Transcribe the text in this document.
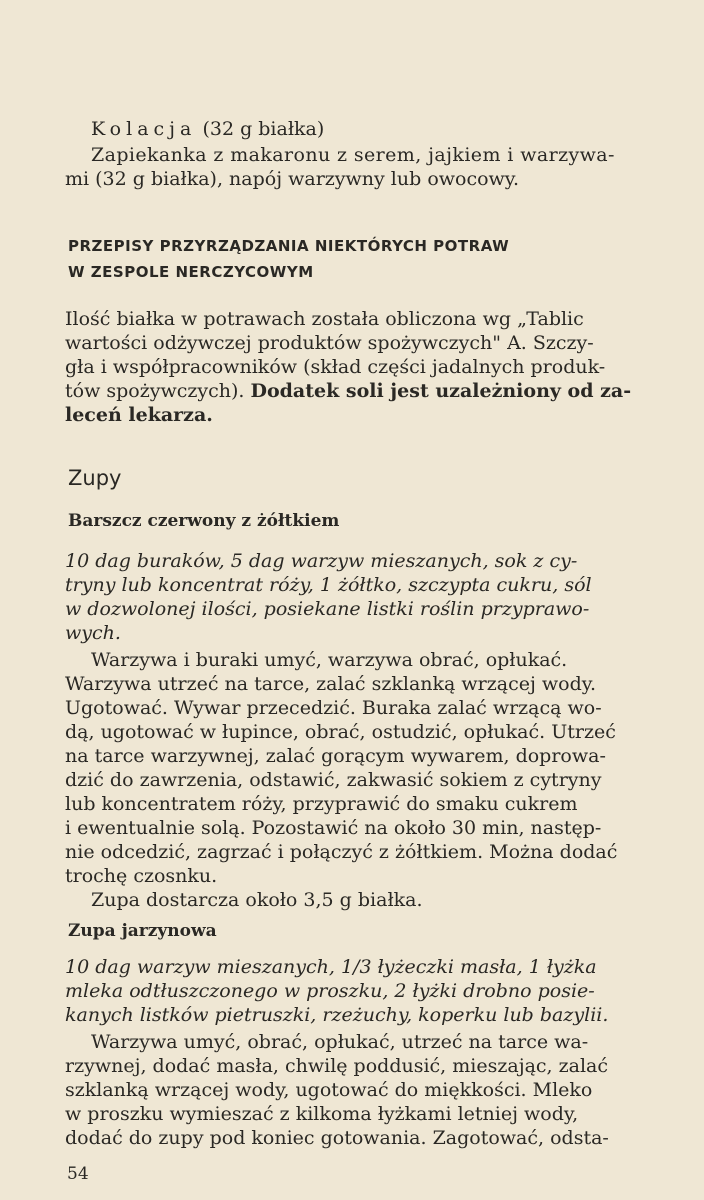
Kolacja (32 g białka)
Zapiekanka z makaronu z serem, jajkiem i warzywa-
mi (32 g białka), napój warzywny lub owocowy.
PRZEPISY PRZYRZĄDZANIA NIEKTÓRYCH POTRAW
W ZESPOLE NERCZYCOWYM
Ilość białka w potrawach została obliczona wg „Tablic
wartości odżywczej produktów spożywczych" A. Szczy-
gła i współpracowników (skład części jadalnych produk-
tów spożywczych). Dodatek soli jest uzależniony od za-
leceń lekarza.
Zupy
Barszcz czerwony z żółtkiem
10 dag buraków, 5 dag warzyw mieszanych, sok z cy-
tryny lub koncentrat róży, 1 żółtko, szczypta cukru, sól
w dozwolonej ilości, posiekane listki roślin przyprawo-
wych.
Warzywa i buraki umyć, warzywa obrać, opłukać.
Warzywa utrzeć na tarce, zalać szklanką wrzącej wody.
Ugotować. Wywar przecedzić. Buraka zalać wrzącą wo-
dą, ugotować w łupince, obrać, ostudzić, opłukać. Utrzeć
na tarce warzywnej, zalać gorącym wywarem, doprowa-
dzić do zawrzenia, odstawić, zakwasić sokiem z cytryny
lub koncentratem róży, przyprawić do smaku cukrem
i ewentualnie solą. Pozostawić na około 30 min, następ-
nie odcedzić, zagrzać i połączyć z żółtkiem. Można dodać
trochę czosnku.
Zupa dostarcza około 3,5 g białka.
Zupa jarzynowa
10 dag warzyw mieszanych, 1/3 łyżeczki masła, 1 łyżka
mleka odtłuszczonego w proszku, 2 łyżki drobno posie-
kanych listków pietruszki, rzeżuchy, koperku lub bazylii.
Warzywa umyć, obrać, opłukać, utrzeć na tarce wa-
rzywnej, dodać masła, chwilę poddusić, mieszając, zalać
szklanką wrzącej wody, ugotować do miękkości. Mleko
w proszku wymieszać z kilkoma łyżkami letniej wody,
dodać do zupy pod koniec gotowania. Zagotować, odsta-
54
